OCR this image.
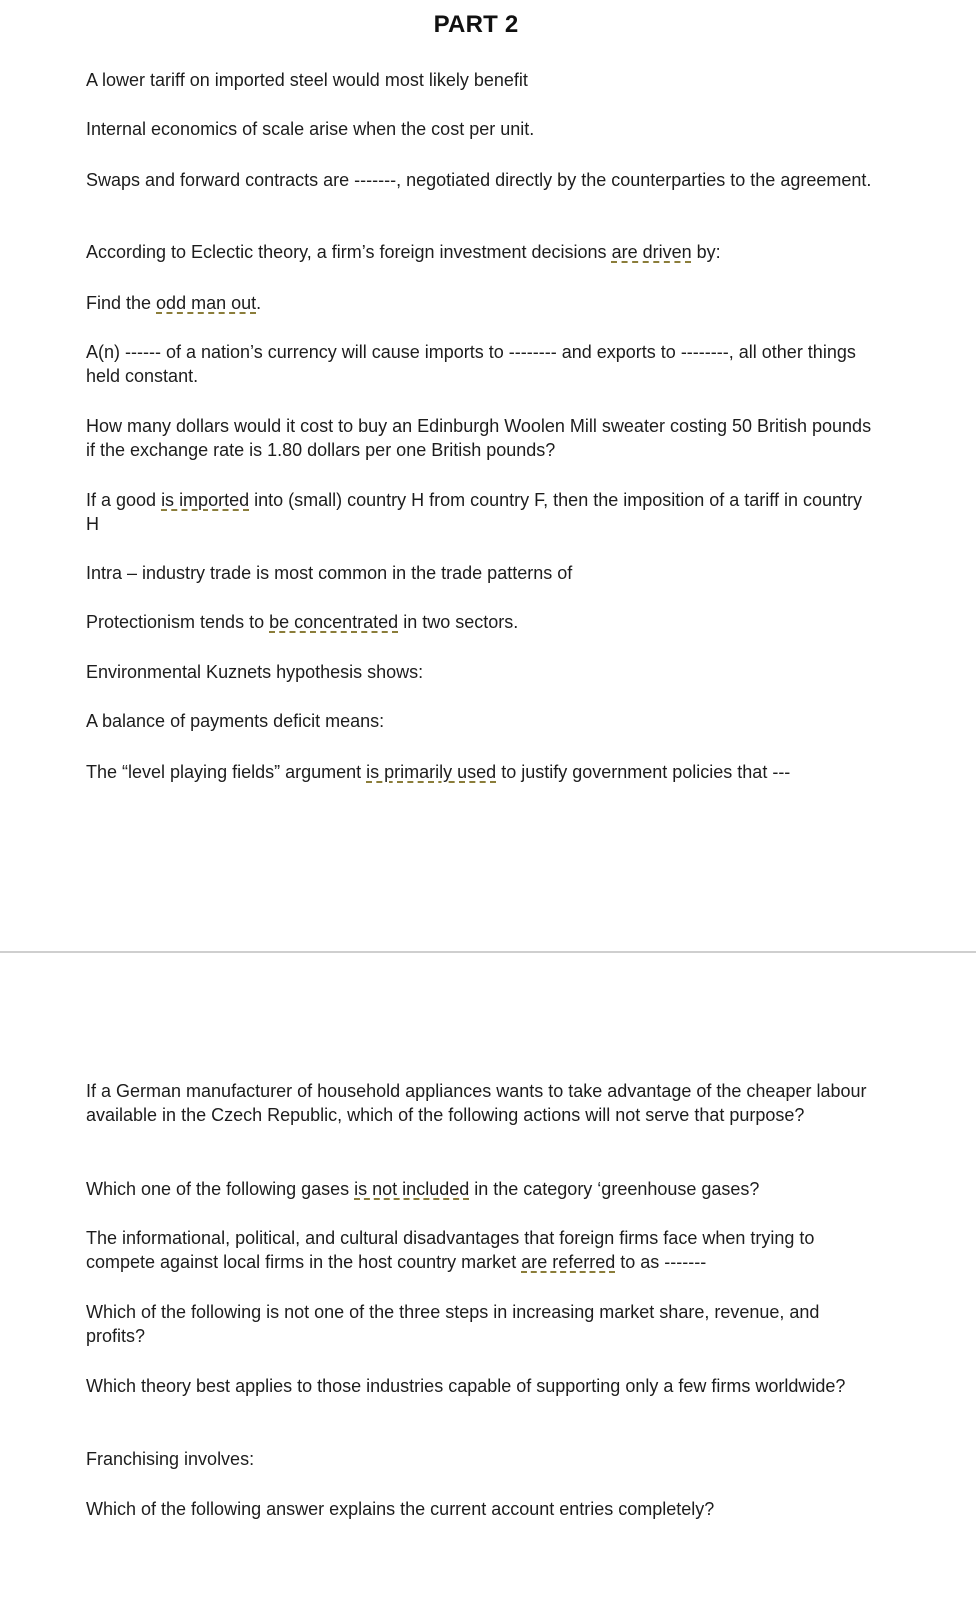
PART 2

A lower tariff on imported steel would most likely benefit

Internal economics of scale arise when the cost per unit.

Swaps and forward contracts are -------, negotiated directly by the counterparties to the agreement.

According to Eclectic theory, a firm’s foreign investment decisions are driven by:

Find the odd man out.

A(n) ------ of a nation’s currency will cause imports to -------- and exports to --------, all other things held constant.

How many dollars would it cost to buy an Edinburgh Woolen Mill sweater costing 50 British pounds if the exchange rate is 1.80 dollars per one British pounds?

If a good is imported into (small) country H from country F, then the imposition of a tariff in country H

Intra – industry trade is most common in the trade patterns of

Protectionism tends to be concentrated in two sectors.

Environmental Kuznets hypothesis shows:

A balance of payments deficit means:

The “level playing fields” argument is primarily used to justify government policies that ---

If a German manufacturer of household appliances wants to take advantage of the cheaper labour available in the Czech Republic, which of the following actions will not serve that purpose?

Which one of the following gases is not included in the category ‘greenhouse gases?

The informational, political, and cultural disadvantages that foreign firms face when trying to compete against local firms in the host country market are referred to as -------

Which of the following is not one of the three steps in increasing market share, revenue, and profits?

Which theory best applies to those industries capable of supporting only a few firms worldwide?

Franchising involves:

Which of the following answer explains the current account entries completely?
